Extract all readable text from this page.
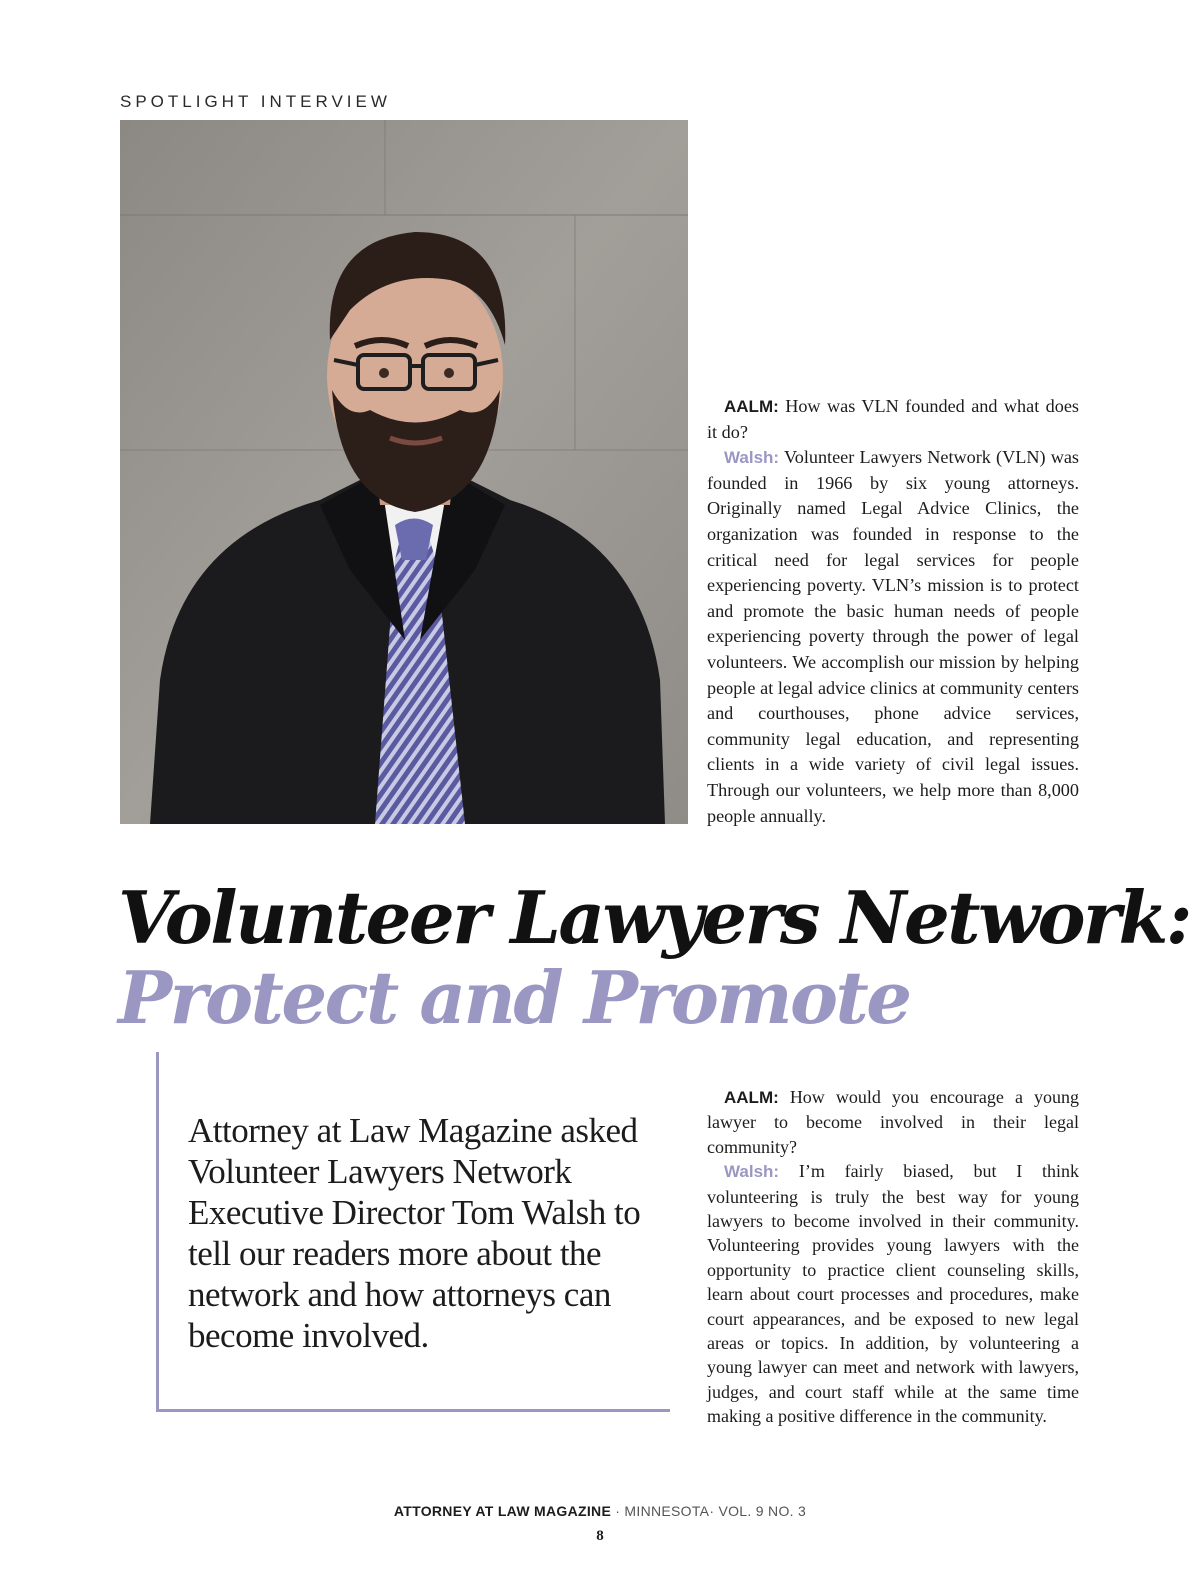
SPOTLIGHT INTERVIEW

AALM: How was VLN founded and what does it do?

Walsh: Volunteer Lawyers Network (VLN) was founded in 1966 by six young attorneys. Originally named Legal Advice Clinics, the organization was founded in response to the critical need for legal services for people experiencing poverty. VLN’s mission is to protect and promote the basic human needs of people experiencing poverty through the power of legal volunteers. We accomplish our mission by helping people at legal advice clinics at community centers and courthouses, phone advice services, community legal education, and representing clients in a wide variety of civil legal issues. Through our volunteers, we help more than 8,000 people annually.

Volunteer Lawyers Network:
Protect and Promote
Attorney at Law Magazine asked Volunteer Lawyers Network Executive Director Tom Walsh to tell our readers more about the network and how attorneys can become involved.

AALM: How would you encourage a young lawyer to become involved in their legal community?

Walsh: I’m fairly biased, but I think volunteering is truly the best way for young lawyers to become involved in their community. Volunteering provides young lawyers with the opportunity to practice client counseling skills, learn about court processes and procedures, make court appearances, and be exposed to new legal areas or topics. In addition, by volunteering a young lawyer can meet and network with lawyers, judges, and court staff while at the same time making a positive difference in the community.

ATTORNEY AT LAW MAGAZINE · MINNESOTA· VOL. 9 NO. 3
8
